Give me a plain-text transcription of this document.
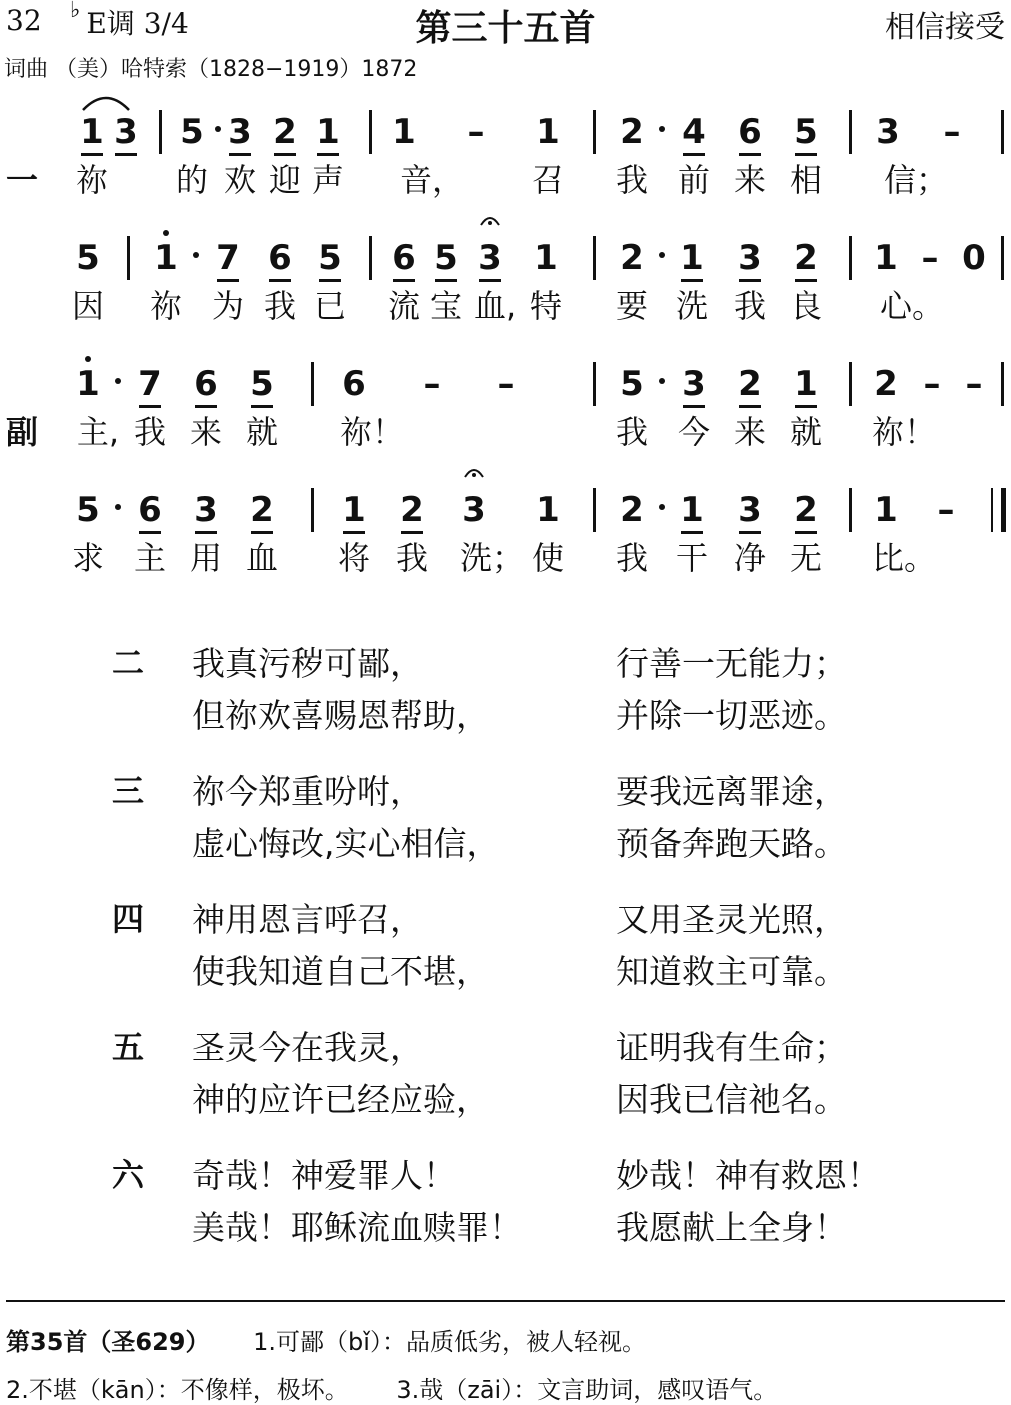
32 ♭ E调 3/4	第三十五首	相信接受
词曲 （美）哈特索（1828−1919）1872
1 3 5 3 2 1 1 – 1 2 4 6 5 3 –
一 祢 的 欢 迎 声 音， 召 我 前 来 相 信；
5 1 7 6 5 6 5 3 1 2 1 3 2 1 – 0
因 祢 为 我 已 流 宝 血, 特 要 洗 我 良 心。
1 7 6 5 6 – –	5 3 2 1 2 – –
副 主, 我 来 就 祢！	我 今 来 就 祢！
5 6 3 2 1 2 3 1 2 1 3 2 1 –
求 主 用 血 将 我 洗； 使 我 干 净 无 比。
二 我真污秽可鄙，	行善一无能力；
但祢欢喜赐恩帮助，	并除一切恶迹。
三 祢今郑重吩咐，	要我远离罪途，
虚心悔改,实心相信，	预备奔跑天路。
四 神用恩言呼召，	又用圣灵光照，
使我知道自己不堪，	知道救主可靠。
五 圣灵今在我灵，	证明我有生命；
神的应许已经应验，	因我已信祂名。
六 奇哉！神爱罪人！	妙哉！神有救恩！
美哉！耶稣流血赎罪！	我愿献上全身！
第35首（圣629） 1.可鄙（bǐ）：品质低劣，被人轻视。
2.不堪（kān）：不像样，极坏。 3.哉（zāi）：文言助词，感叹语气。
